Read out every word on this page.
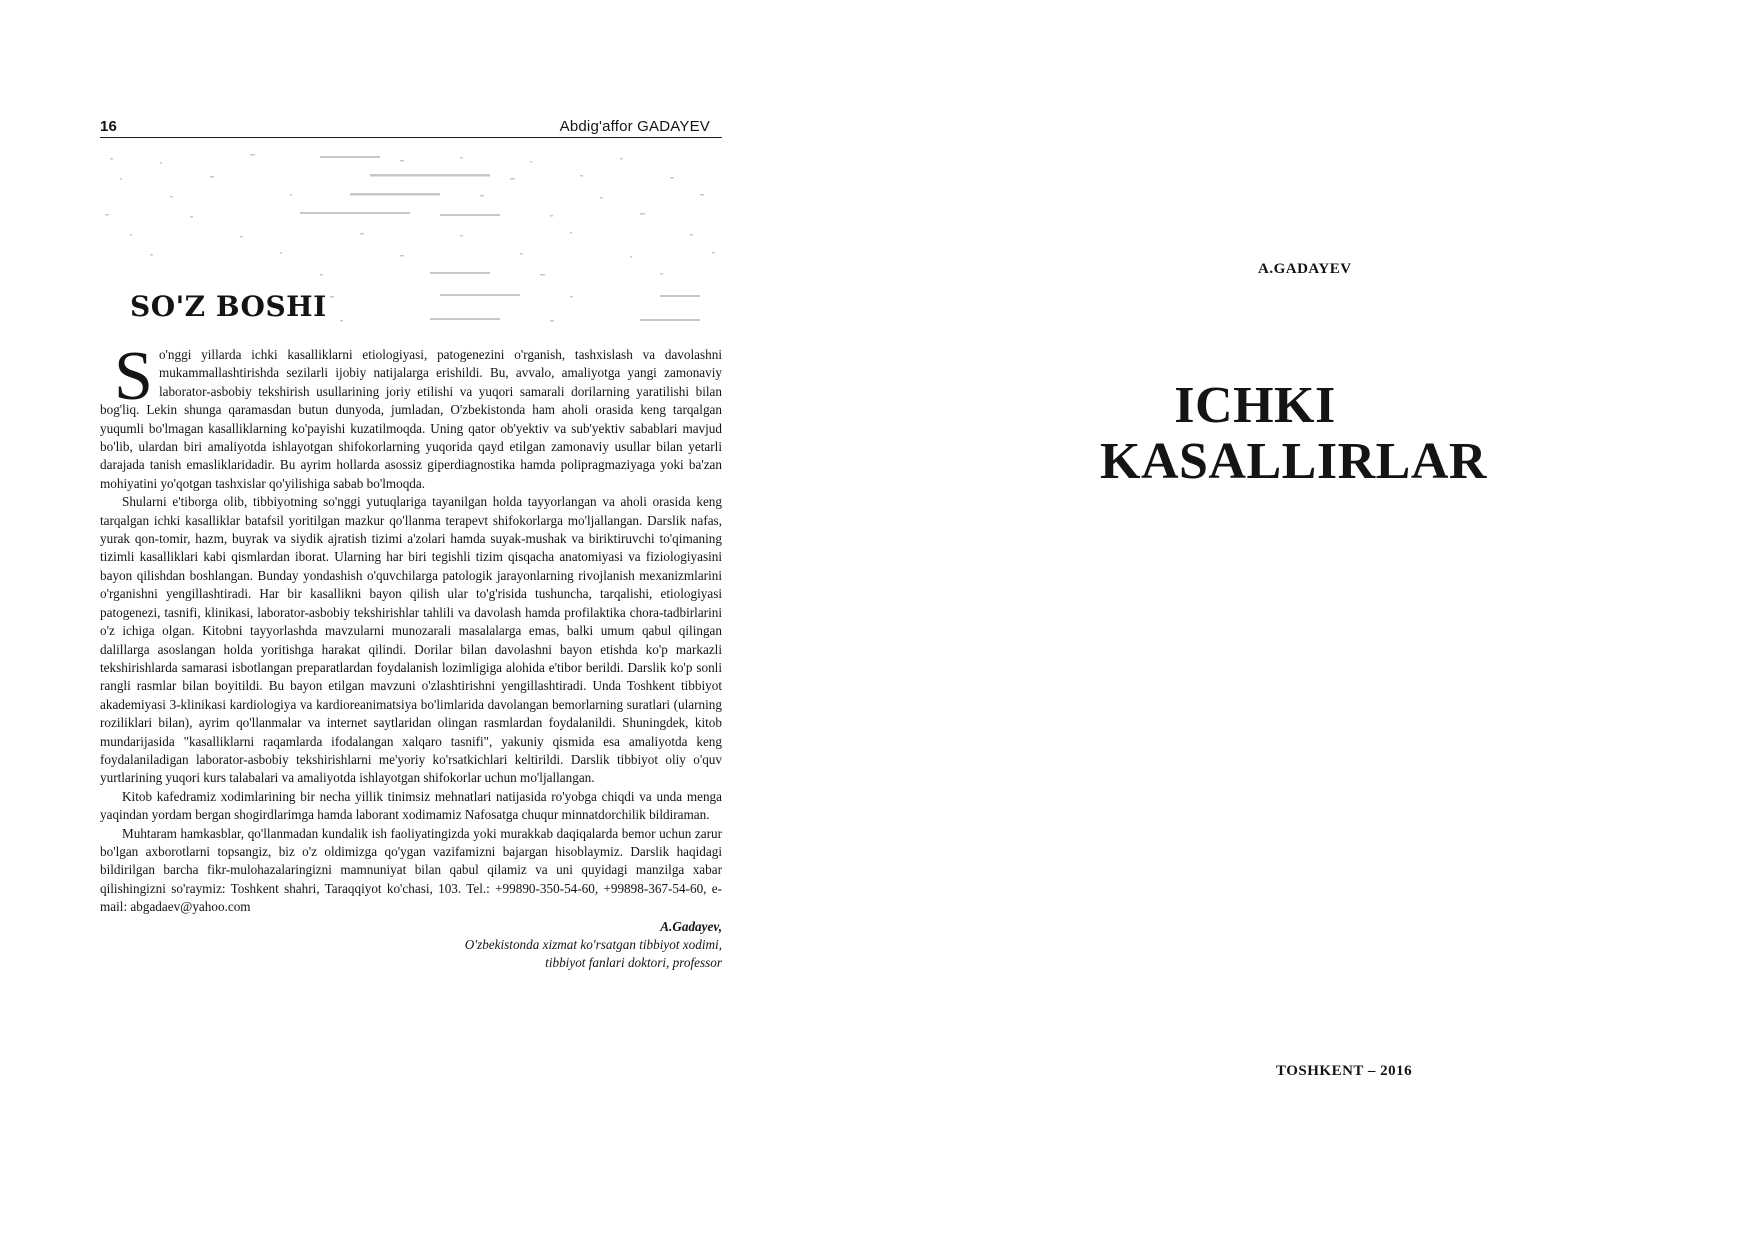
16	Abdig'affor GADAYEV
SO'Z BOSHI

So'nggi yillarda ichki kasalliklarni etiologiyasi, patogenezini o'rganish, tashxislash va davolashni mukammallashtirishda sezilarli ijobiy natijalarga erishildi. Bu, avvalo, amaliyotga yangi zamonaviy laborator-asbobiy tekshirish usullarining joriy etilishi va yuqori samarali dorilarning yaratilishi bilan bog'liq. Lekin shunga qaramasdan butun dunyoda, jumladan, O'zbekistonda ham aholi orasida keng tarqalgan yuqumli bo'lmagan kasalliklarning ko'payishi kuzatilmoqda. Uning qator ob'yektiv va sub'yektiv sabablari mavjud bo'lib, ulardan biri amaliyotda ishlayotgan shifokorlarning yuqorida qayd etilgan zamonaviy usullar bilan yetarli darajada tanish emasliklaridadir. Bu ayrim hollarda asossiz giperdiagnostika hamda polipragmaziyaga yoki ba'zan mohiyatini yo'qotgan tashxislar qo'yilishiga sabab bo'lmoqda.

Shularni e'tiborga olib, tibbiyotning so'nggi yutuqlariga tayanilgan holda tayyorlangan va aholi orasida keng tarqalgan ichki kasalliklar batafsil yoritilgan mazkur qo'llanma terapevt shifokorlarga mo'ljallangan. Darslik nafas, yurak qon-tomir, hazm, buyrak va siydik ajratish tizimi a'zolari hamda suyak-mushak va biriktiruvchi to'qimaning tizimli kasalliklari kabi qismlardan iborat. Ularning har biri tegishli tizim qisqacha anatomiyasi va fiziologiyasini bayon qilishdan boshlangan. Bunday yondashish o'quvchilarga patologik jarayonlarning rivojlanish mexanizmlarini o'rganishni yengillashtiradi. Har bir kasallikni bayon qilish ular to'g'risida tushuncha, tarqalishi, etiologiyasi patogenezi, tasnifi, klinikasi, laborator-asbobiy tekshirishlar tahlili va davolash hamda profilaktika chora-tadbirlarini o'z ichiga olgan. Kitobni tayyorlashda mavzularni munozarali masalalarga emas, balki umum qabul qilingan dalillarga asoslangan holda yoritishga harakat qilindi. Dorilar bilan davolashni bayon etishda ko'p markazli tekshirishlarda samarasi isbotlangan preparatlardan foydalanish lozimligiga alohida e'tibor berildi. Darslik ko'p sonli rangli rasmlar bilan boyitildi. Bu bayon etilgan mavzuni o'zlashtirishni yengillashtiradi. Unda Toshkent tibbiyot akademiyasi 3-klinikasi kardiologiya va kardioreanimatsiya bo'limlarida davolangan bemorlarning suratlari (ularning roziliklari bilan), ayrim qo'llanmalar va internet saytlaridan olingan rasmlardan foydalanildi. Shuningdek, kitob mundarijasida "kasalliklarni raqamlarda ifodalangan xalqaro tasnifi", yakuniy qismida esa amaliyotda keng foydalaniladigan laborator-asbobiy tekshirishlarni me'yoriy ko'rsatkichlari keltirildi. Darslik tibbiyot oliy o'quv yurtlarining yuqori kurs talabalari va amaliyotda ishlayotgan shifokorlar uchun mo'ljallangan.

Kitob kafedramiz xodimlarining bir necha yillik tinimsiz mehnatlari natijasida ro'yobga chiqdi va unda menga yaqindan yordam bergan shogirdlarimga hamda laborant xodimamiz Nafosatga chuqur minnatdorchilik bildiraman.

Muhtaram hamkasblar, qo'llanmadan kundalik ish faoliyatingizda yoki murakkab daqiqalarda bemor uchun zarur bo'lgan axborotlarni topsangiz, biz o'z oldimizga qo'ygan vazifamizni bajargan hisoblaymiz. Darslik haqidagi bildirilgan barcha fikr-mulohazalaringizni mamnuniyat bilan qabul qilamiz va uni quyidagi manzilga xabar qilishingizni so'raymiz: Toshkent shahri, Taraqqiyot ko'chasi, 103. Tel.: +99890-350-54-60, +99898-367-54-60, e-mail: abgadaev@yahoo.com

A.Gadayev,
O'zbekistonda xizmat ko'rsatgan tibbiyot xodimi,
tibbiyot fanlari doktori, professor
A.GADAYEV
ICHKI
KASALLIRLAR
TOSHKENT – 2016
